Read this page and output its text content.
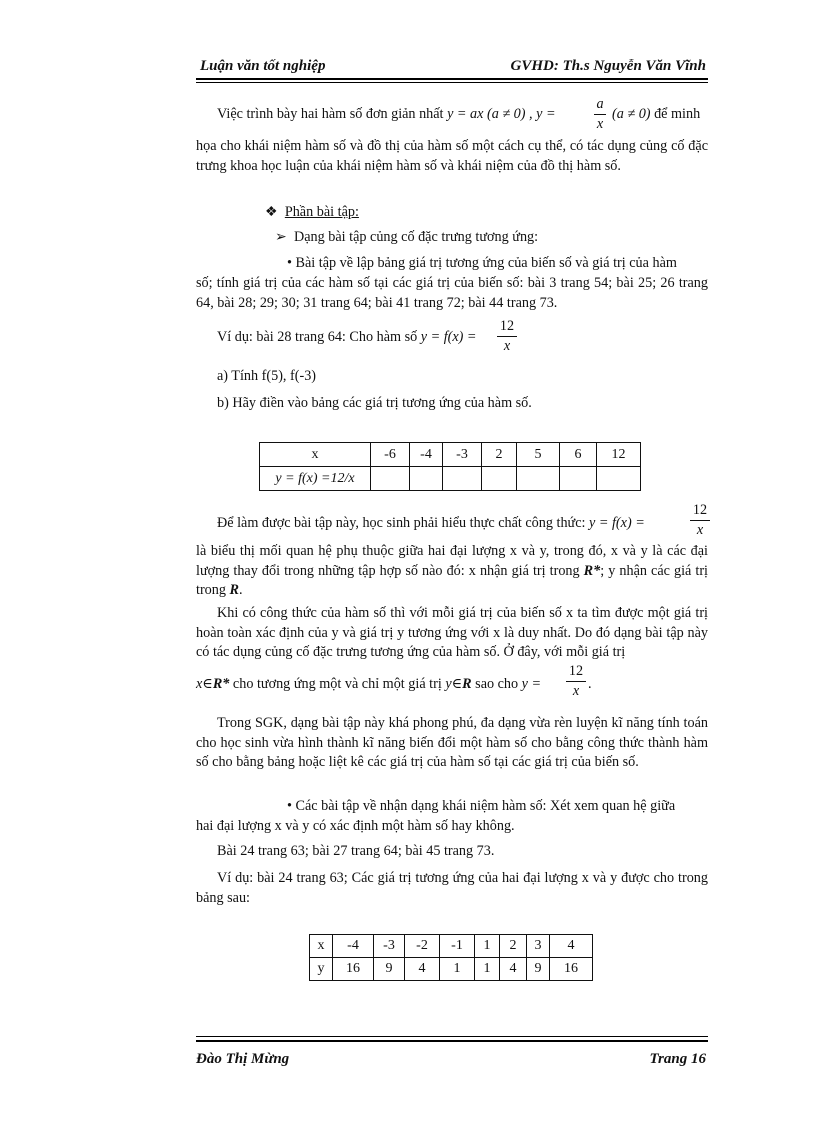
Luận văn tốt nghiệp	GVHD: Th.s Nguyễn Văn Vĩnh
Việc trình bày hai hàm số đơn giản nhất y = ax (a ≠ 0) , y =
a
x
(a ≠ 0) để minh
họa cho khái niệm hàm số và đồ thị của hàm số một cách cụ thể, có tác dụng củng cố đặc trưng khoa học luận của khái niệm hàm số và khái niệm của đồ thị hàm số.
❖ Phần bài tập:
➢ Dạng bài tập củng cố đặc trưng tương ứng:
• Bài tập về lập bảng giá trị tương ứng của biến số và giá trị của hàm
số; tính giá trị của các hàm số tại các giá trị của biến số: bài 3 trang 54; bài 25; 26 trang 64, bài 28; 29; 30; 31 trang 64; bài 41 trang 72; bài 44 trang 73.
Ví dụ: bài 28 trang 64: Cho hàm số y = f(x) =
12
x
a) Tính f(5), f(-3)
b) Hãy điền vào bảng các giá trị tương ứng của hàm số.
x	-6	-4	-3	2	5	6	12
y = f(x) =12/x							
Để làm được bài tập này, học sinh phải hiểu thực chất công thức: y = f(x) =
12
x
là biểu thị mối quan hệ phụ thuộc giữa hai đại lượng x và y, trong đó, x và y là các đại lượng thay đổi trong những tập hợp số nào đó: x nhận giá trị trong R*; y nhận các giá trị trong R.
Khi có công thức của hàm số thì với mỗi giá trị của biến số x ta tìm được một giá trị hoàn toàn xác định của y và giá trị y tương ứng với x là duy nhất. Do đó dạng bài tập này có tác dụng củng cố đặc trưng tương ứng của hàm số. Ở đây, với mỗi giá trị
x∈R* cho tương ứng một và chỉ một giá trị y∈R sao cho y =
12
x .
Trong SGK, dạng bài tập này khá phong phú, đa dạng vừa rèn luyện kĩ năng tính toán cho học sinh vừa hình thành kĩ năng biến đổi một hàm số cho bằng công thức thành hàm số cho bằng bảng hoặc liệt kê các giá trị của hàm số tại các giá trị của biến số.
• Các bài tập về nhận dạng khái niệm hàm số: Xét xem quan hệ giữa
hai đại lượng x và y có xác định một hàm số hay không.
Bài 24 trang 63; bài 27 trang 64; bài 45 trang 73.
Ví dụ: bài 24 trang 63; Các giá trị tương ứng của hai đại lượng x và y được cho trong bảng sau:
x	-4	-3	-2	-1	1	2	3	4
y	16	9	4	1	1	4	9	16
Đào Thị Mừng	Trang 16
